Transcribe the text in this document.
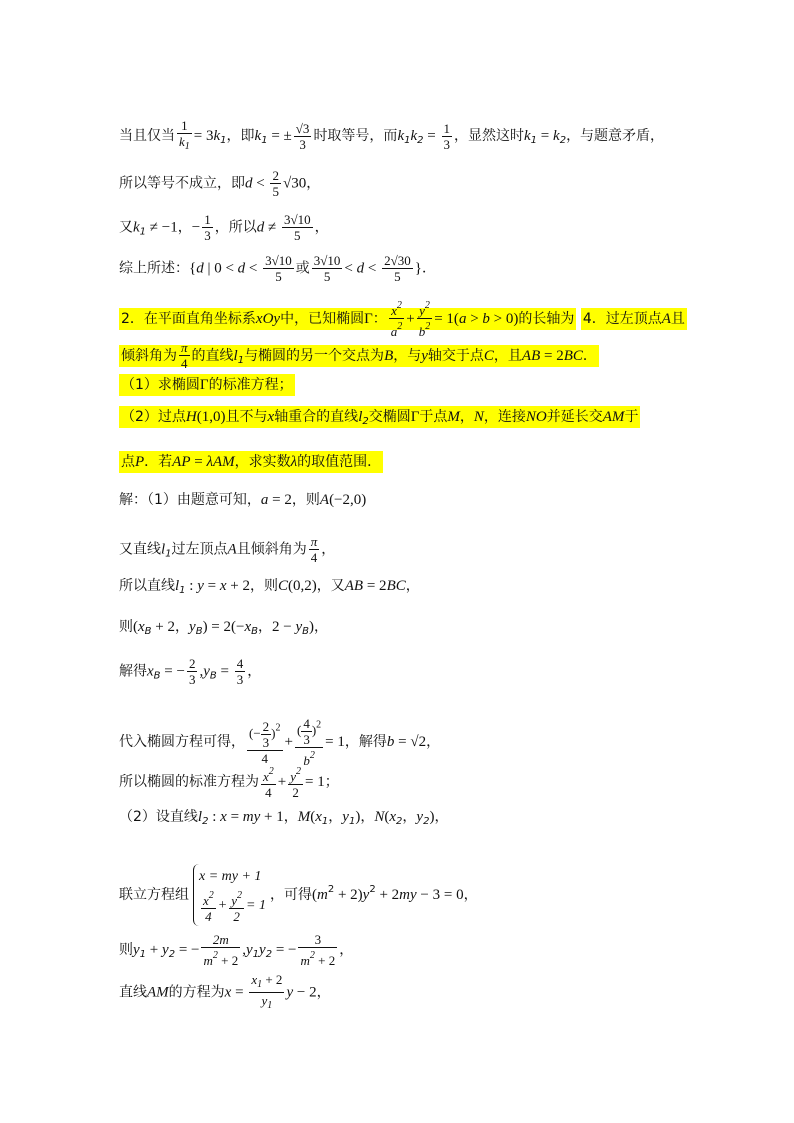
当且仅当 $\frac{1}{k_1} = 3k_1$，即$k_1$ = ± $\frac{√3}{3}$ 时取等号，而$k_1k_2 = \frac{1}{3}$ ，显然这时$k_1 = k_2$，与题意矛盾，
所以等号不成立，即$d < \frac{2}{5} √30$，
又$k_1 \ne -1$，− $\frac{1}{3}$ ，所以$d \ne \frac{3√10}{5}$ ，
综上所述：{d | $0 < d < \frac{3√10}{5}$ 或 $\frac{3√10}{5} < d < \frac{2√30}{5}$ }．
2．在平面直角坐标系xOy中，已知椭圆Γ： $\frac{x^2}{a^2} + \frac{y^2}{b^2} = 1(a > b > 0)$的长轴为 4．过左顶点A且
倾斜角为 $\frac{\pi}{4}$ 的直线$l_1$与椭圆的另一个交点为B，与y轴交于点C，且AB = 2BC．
（1）求椭圆Γ的标准方程；
（2）过点H(1,0)且不与x轴重合的直线$l_2$交椭圆Γ于点M，N，连接NO并延长交AM于
点P．若AP = λAM，求实数λ的取值范围．
解：（1）由题意可知，a = 2，则A(−2,0)
又直线$l_1$过左顶点A且倾斜角为 $\frac{\pi}{4}$ ，
所以直线$l_1$ : y = x + 2，则C(0,2)，又AB = 2BC，
则($x_B + 2$，$y_B) = 2(-x_B$，$2 - y_B$)，
解得$x_B$ = − $\frac{2}{3} ,y_B = \frac{4}{3}$ ，
代入椭圆方程可得， $\frac{(- \frac{2}{3} )^2}{4} + \frac{( \frac{4}{3} )^2}{b^2} = 1$，解得b = √2，
所以椭圆的标准方程为 $\frac{x^2}{4} + \frac{y^2}{2} = 1$；
（2）设直线$l_2$ : x = my + 1，$M(x_1$，$y_1$)，$N(x_2$，$y_2$)，
联立方程组
x = my + 1
$\frac{x^2}{4} + \frac{y^2}{2} = 1$
，可得$(m^2 + 2)y^2 + 2my - 3 = 0$，
则$y_1 + y_2$ = − $\frac{2m}{m^2 + 2} ,y_1y_2$ = − $\frac{3}{m^2 + 2}$ ，
直线AM的方程为$x = \frac{x_1 + 2}{y_1}$ y − 2，
